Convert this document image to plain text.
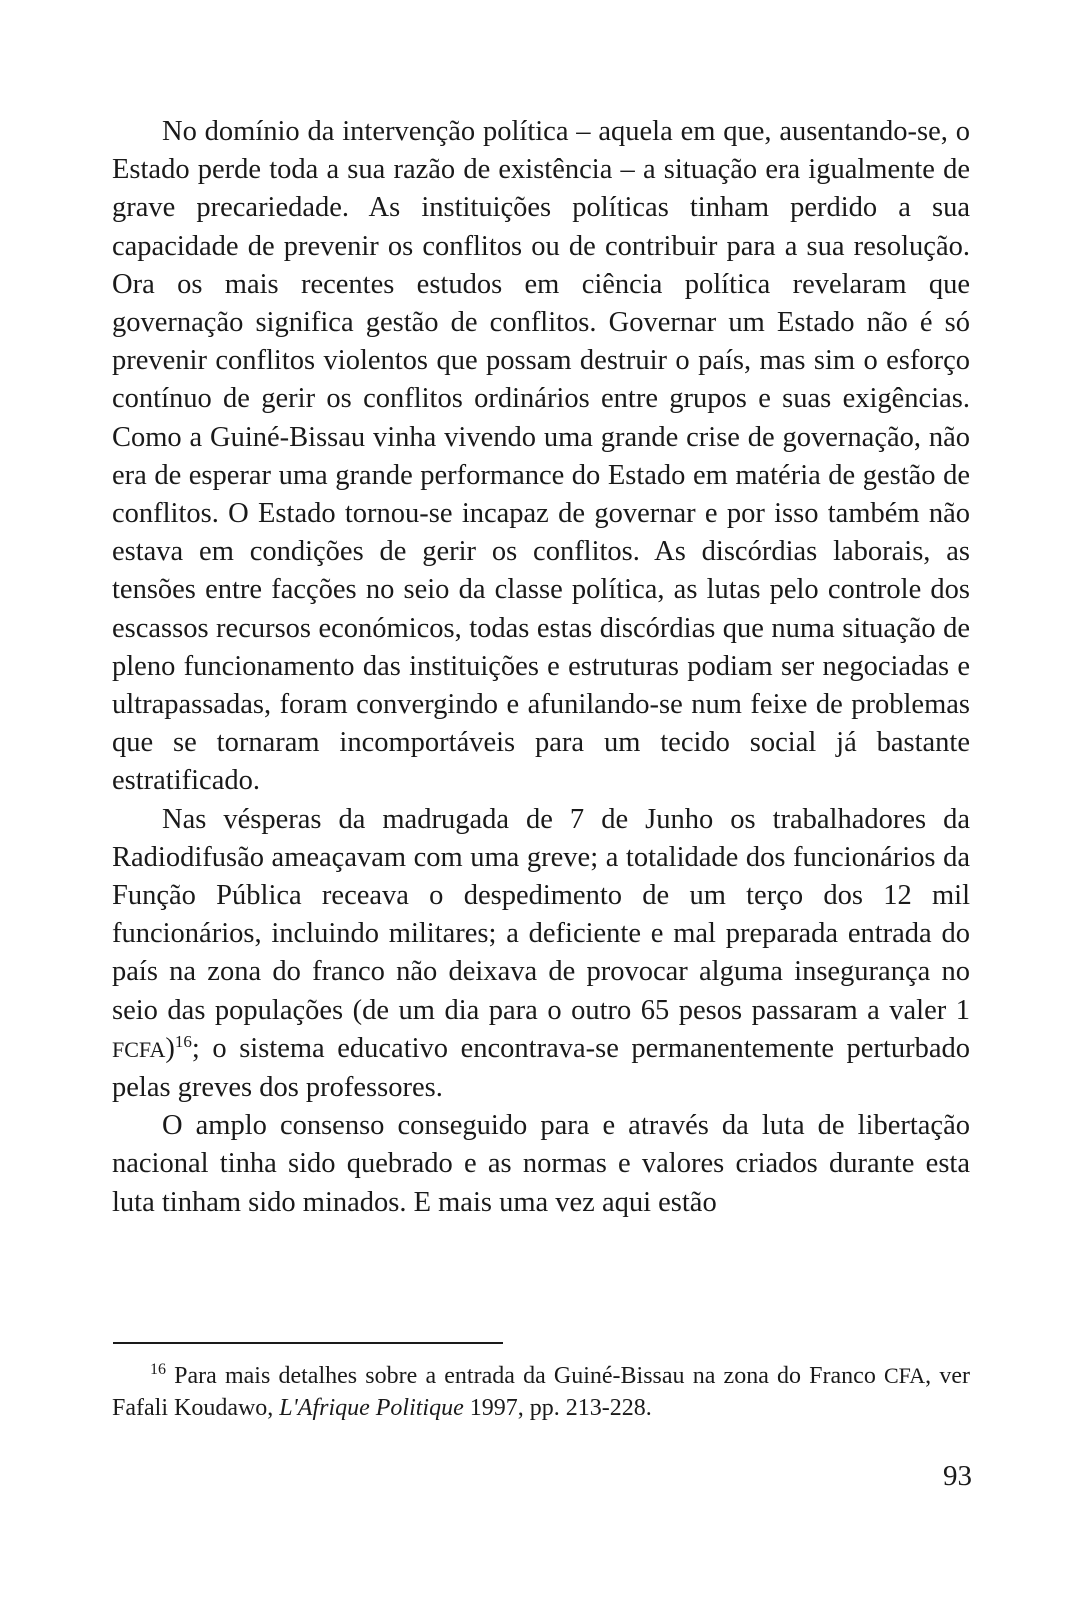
No domínio da intervenção política – aquela em que, ausentando-se, o Estado perde toda a sua razão de existência – a situação era igualmente de grave precariedade. As instituições políticas tinham perdido a sua capacidade de prevenir os conflitos ou de contribuir para a sua resolução. Ora os mais recentes estudos em ciência política revelaram que governação significa gestão de conflitos. Governar um Estado não é só prevenir conflitos violentos que possam destruir o país, mas sim o esforço contínuo de gerir os conflitos ordinários entre grupos e suas exigências. Como a Guiné-Bissau vinha vivendo uma grande crise de governação, não era de esperar uma grande performance do Estado em matéria de gestão de conflitos. O Estado tornou-se incapaz de governar e por isso também não estava em condições de gerir os conflitos. As discórdias laborais, as tensões entre facções no seio da classe política, as lutas pelo controle dos escassos recursos económicos, todas estas discórdias que numa situação de pleno funcionamento das instituições e estruturas podiam ser negociadas e ultrapassadas, foram convergindo e afunilando-se num feixe de problemas que se tornaram incomportáveis para um tecido social já bastante estratificado.

Nas vésperas da madrugada de 7 de Junho os trabalhadores da Radiodifusão ameaçavam com uma greve; a totalidade dos funcionários da Função Pública receava o despedimento de um terço dos 12 mil funcionários, incluindo militares; a deficiente e mal preparada entrada do país na zona do franco não deixava de provocar alguma insegurança no seio das populações (de um dia para o outro 65 pesos passaram a valer 1 FCFA)$^{16}$; o sistema educativo encontrava-se permanentemente perturbado pelas greves dos professores.

O amplo consenso conseguido para e através da luta de libertação nacional tinha sido quebrado e as normas e valores criados durante esta luta tinham sido minados. E mais uma vez aqui estão

$^{16}$ Para mais detalhes sobre a entrada da Guiné-Bissau na zona do Franco CFA, ver Fafali Koudawo, L'Afrique Politique 1997, pp. 213-228.

93
